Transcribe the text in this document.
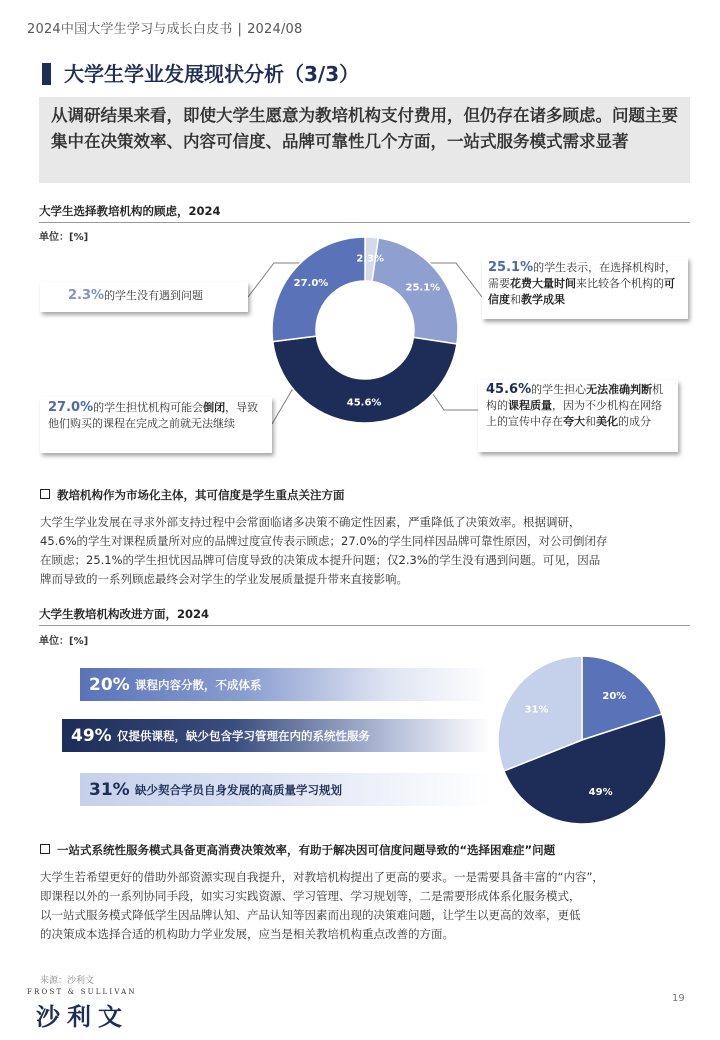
2024中国大学生学习与成长白皮书 | 2024/08
大学生学业发展现状分析（3/3）
从调研结果来看，即使大学生愿意为教培机构支付费用，但仍存在诸多顾虑。问题主要集中在决策效率、内容可信度、品牌可靠性几个方面，一站式服务模式需求显著
大学生选择教培机构的顾虑，2024
单位：[%]
2.3%
25.1%
45.6%
27.0%
2.3%的学生没有遇到问题
25.1%的学生表示，在选择机构时，需要花费大量时间来比较各个机构的可信度和教学成果
27.0%的学生担忧机构可能会倒闭，导致他们购买的课程在完成之前就无法继续
45.6%的学生担心无法准确判断机构的课程质量，因为不少机构在网络上的宣传中存在夸大和美化的成分
教培机构作为市场化主体，其可信度是学生重点关注方面
大学生学业发展在寻求外部支持过程中会常面临诸多决策不确定性因素，严重降低了决策效率。根据调研，
45.6%的学生对课程质量所对应的品牌过度宣传表示顾虑；27.0%的学生同样因品牌可靠性原因，对公司倒闭存
在顾虑；25.1%的学生担忧因品牌可信度导致的决策成本提升问题；仅2.3%的学生没有遇到问题。可见，因品
牌而导致的一系列顾虑最终会对学生的学业发展质量提升带来直接影响。
大学生教培机构改进方面，2024
单位：[%]
20% 课程内容分散，不成体系
49% 仅提供课程，缺少包含学习管理在内的系统性服务
31% 缺少契合学员自身发展的高质量学习规划
20%
49%
31%
一站式系统性服务模式具备更高消费决策效率，有助于解决因可信度问题导致的“选择困难症”问题
大学生若希望更好的借助外部资源实现自我提升，对教培机构提出了更高的要求。一是需要具备丰富的“内容”，
即课程以外的一系列协同手段，如实习实践资源、学习管理、学习规划等，二是需要形成体系化服务模式，
以一站式服务模式降低学生因品牌认知、产品认知等因素而出现的决策难问题，让学生以更高的效率，更低
的决策成本选择合适的机构助力学业发展，应当是相关教培机构重点改善的方面。
来源：沙利文
FROST & SULLIVAN
沙利文
19
